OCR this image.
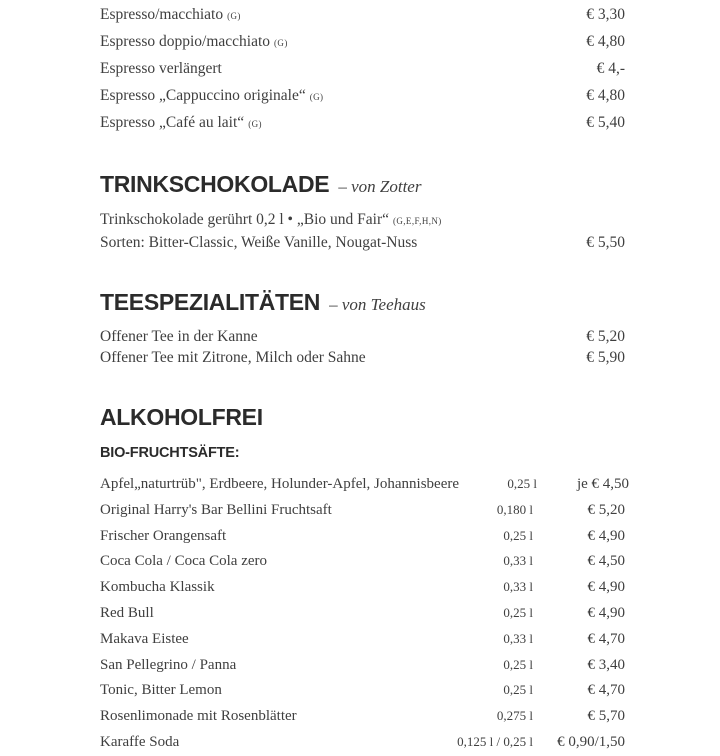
Espresso/macchiato (G)	€ 3,30
Espresso doppio/macchiato (G)	€ 4,80
Espresso verlängert	€ 4,-
Espresso „Cappuccino originale“ (G)	€ 4,80
Espresso „Café au lait“ (G)	€ 5,40
TRINKSCHOKOLADE – von Zotter
Trinkschokolade gerührt 0,2 l • „Bio und Fair“ (G,E,F,H,N)
Sorten: Bitter-Classic, Weiße Vanille, Nougat-Nuss	€ 5,50
TEESPEZIALITÄTEN – von Teehaus
Offener Tee in der Kanne	€ 5,20
Offener Tee mit Zitrone, Milch oder Sahne	€ 5,90
ALKOHOLFREI
BIO-FRUCHTSÄFTE:
Apfel„naturtrüb", Erdbeere, Holunder-Apfel, Johannisbeere	0,25 l	je € 4,50
Original Harry's Bar Bellini Fruchtsaft	0,180 l	€ 5,20
Frischer Orangensaft	0,25 l	€ 4,90
Coca Cola / Coca Cola zero	0,33 l	€ 4,50
Kombucha Klassik	0,33 l	€ 4,90
Red Bull	0,25 l	€ 4,90
Makava Eistee	0,33 l	€ 4,70
San Pellegrino / Panna	0,25 l	€ 3,40
Tonic, Bitter Lemon	0,25 l	€ 4,70
Rosenlimonade mit Rosenblätter	0,275 l	€ 5,70
Karaffe Soda	0,125 l / 0,25 l	€ 0,90/1,50
